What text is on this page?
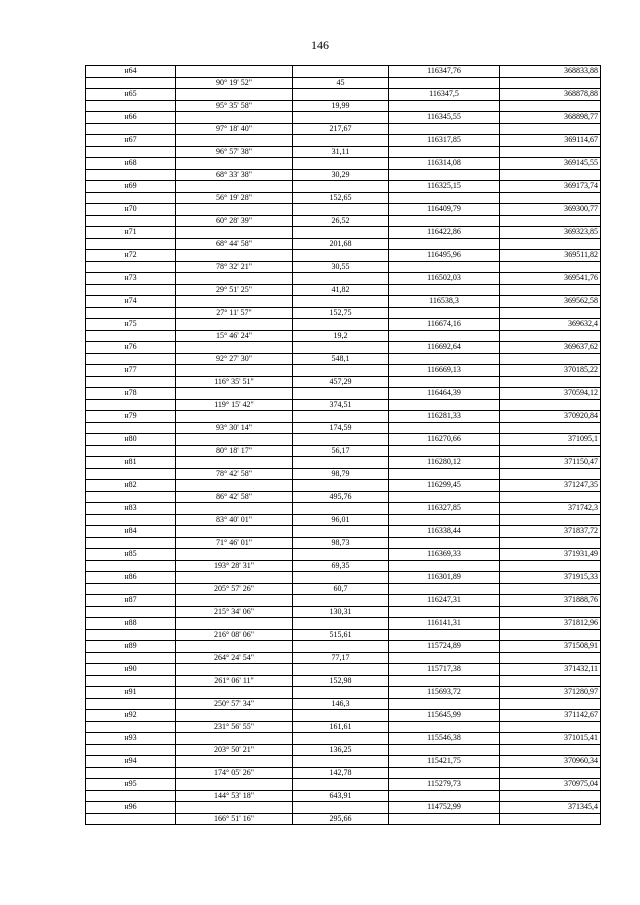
146
н64			116347,76	368833,88
	90° 19' 52"	45		
н65			116347,5	368878,88
	95° 35' 58"	19,99		
н66			116345,55	368898,77
	97° 18' 40"	217,67		
н67			116317,85	369114,67
	96° 57' 38"	31,11		
н68			116314,08	369145,55
	68° 33' 38"	30,29		
н69			116325,15	369173,74
	56° 19' 28"	152,65		
н70			116409,79	369300,77
	60° 28' 39"	26,52		
н71			116422,86	369323,85
	68° 44' 58"	201,68		
н72			116495,96	369511,82
	78° 32' 21"	30,55		
н73			116502,03	369541,76
	29° 51' 25"	41,82		
н74			116538,3	369562,58
	27° 11' 57"	152,75		
н75			116674,16	369632,4
	15° 46' 24"	19,2		
н76			116692,64	369637,62
	92° 27' 30"	548,1		
н77			116669,13	370185,22
	116° 35' 51"	457,29		
н78			116464,39	370594,12
	119° 15' 42"	374,51		
н79			116281,33	370920,84
	93° 30' 14"	174,59		
н80			116270,66	371095,1
	80° 18' 17"	56,17		
н81			116280,12	371150,47
	78° 42' 58"	98,79		
н82			116299,45	371247,35
	86° 42' 58"	495,76		
н83			116327,85	371742,3
	83° 40' 01"	96,01		
н84			116338,44	371837,72
	71° 46' 01"	98,73		
н85			116369,33	371931,49
	193° 28' 31"	69,35		
н86			116301,89	371915,33
	205° 57' 26"	60,7		
н87			116247,31	371888,76
	215° 34' 06"	130,31		
н88			116141,31	371812,96
	216° 08' 06"	515,61		
н89			115724,89	371508,91
	264° 24' 54"	77,17		
н90			115717,38	371432,11
	261° 06' 11"	152,98		
н91			115693,72	371280,97
	250° 57' 34"	146,3		
н92			115645,99	371142,67
	231° 56' 55"	161,61		
н93			115546,38	371015,41
	203° 50' 21"	136,25		
н94			115421,75	370960,34
	174° 05' 26"	142,78		
н95			115279,73	370975,04
	144° 53' 18"	643,91		
н96			114752,99	371345,4
	166° 51' 16"	295,66		
